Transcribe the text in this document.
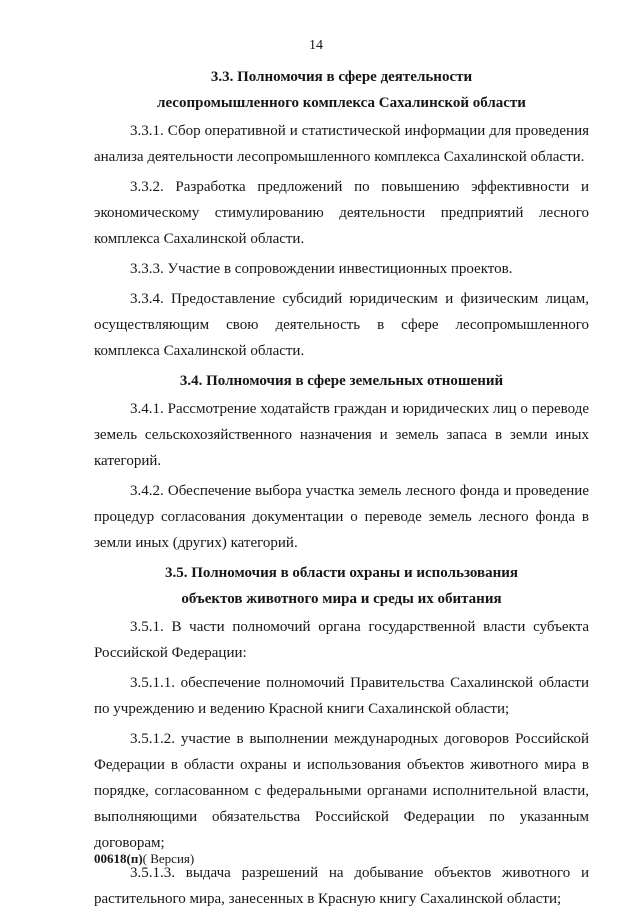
14
3.3. Полномочия в сфере деятельности
лесопромышленного комплекса Сахалинской области
3.3.1. Сбор оперативной и статистической информации для проведения анализа деятельности лесопромышленного комплекса Сахалинской области.
3.3.2. Разработка предложений по повышению эффективности и экономическому стимулированию деятельности предприятий лесного комплекса Сахалинской области.
3.3.3. Участие в сопровождении инвестиционных проектов.
3.3.4. Предоставление субсидий юридическим и физическим лицам, осуществляющим свою деятельность в сфере лесопромышленного комплекса Сахалинской области.
3.4. Полномочия в сфере земельных отношений
3.4.1. Рассмотрение ходатайств граждан и юридических лиц о переводе земель сельскохозяйственного назначения и земель запаса в земли иных категорий.
3.4.2. Обеспечение выбора участка земель лесного фонда и проведение процедур согласования документации о переводе земель лесного фонда в земли иных (других) категорий.
3.5. Полномочия в области охраны и использования
объектов животного мира и среды их обитания
3.5.1. В части полномочий органа государственной власти субъекта Российской Федерации:
3.5.1.1. обеспечение полномочий Правительства Сахалинской области по учреждению и ведению Красной книги Сахалинской области;
3.5.1.2. участие в выполнении международных договоров Российской Федерации в области охраны и использования объектов животного мира в порядке, согласованном с федеральными органами исполнительной власти, выполняющими обязательства Российской Федерации по указанным договорам;
3.5.1.3. выдача разрешений на добывание объектов животного и растительного мира, занесенных в Красную книгу Сахалинской области;
00618(п)( Версия)
